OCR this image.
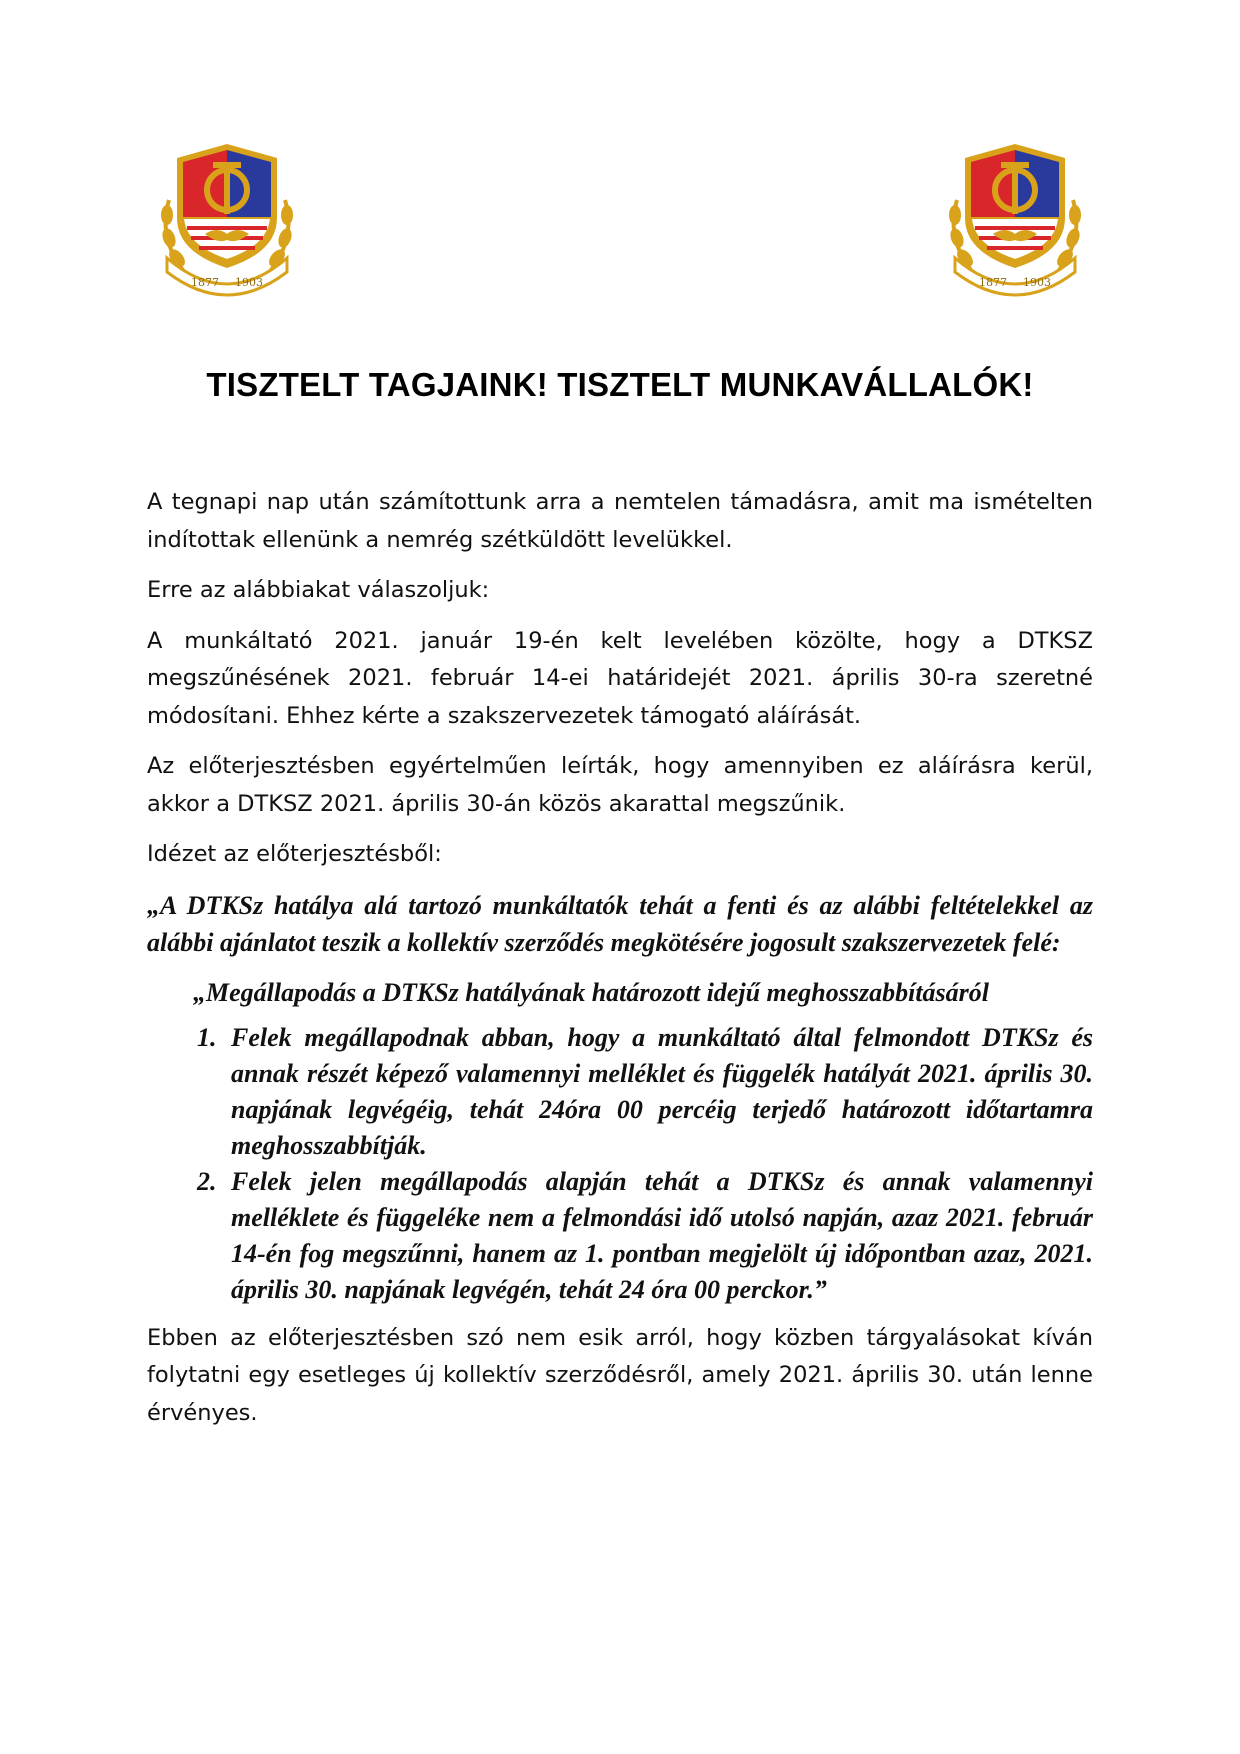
1877 1903	1877 1903
TISZTELT TAGJAINK! TISZTELT MUNKAVÁLLALÓK!

A tegnapi nap után számítottunk arra a nemtelen támadásra, amit ma ismételten indítottak ellenünk a nemrég szétküldött levelükkel.

Erre az alábbiakat válaszoljuk:

A munkáltató 2021. január 19-én kelt levelében közölte, hogy a DTKSZ megszűnésének 2021. február 14-ei határidejét 2021. április 30-ra szeretné módosítani. Ehhez kérte a szakszervezetek támogató aláírását.

Az előterjesztésben egyértelműen leírták, hogy amennyiben ez aláírásra kerül, akkor a DTKSZ 2021. április 30-án közös akarattal megszűnik.

Idézet az előterjesztésből:

„A DTKSz hatálya alá tartozó munkáltatók tehát a fenti és az alábbi feltételekkel az alábbi ajánlatot teszik a kollektív szerződés megkötésére jogosult szakszervezetek felé:

„Megállapodás a DTKSz hatályának határozott idejű meghosszabbításáról

1. Felek megállapodnak abban, hogy a munkáltató által felmondott DTKSz és annak részét képező valamennyi melléklet és függelék hatályát 2021. április 30. napjának legvégéig, tehát 24óra 00 percéig terjedő határozott időtartamra meghosszabbítják.
2. Felek jelen megállapodás alapján tehát a DTKSz és annak valamennyi melléklete és függeléke nem a felmondási idő utolsó napján, azaz 2021. február 14-én fog megszűnni, hanem az 1. pontban megjelölt új időpontban azaz, 2021. április 30. napjának legvégén, tehát 24 óra 00 perckor.”

Ebben az előterjesztésben szó nem esik arról, hogy közben tárgyalásokat kíván folytatni egy esetleges új kollektív szerződésről, amely 2021. április 30. után lenne érvényes.
